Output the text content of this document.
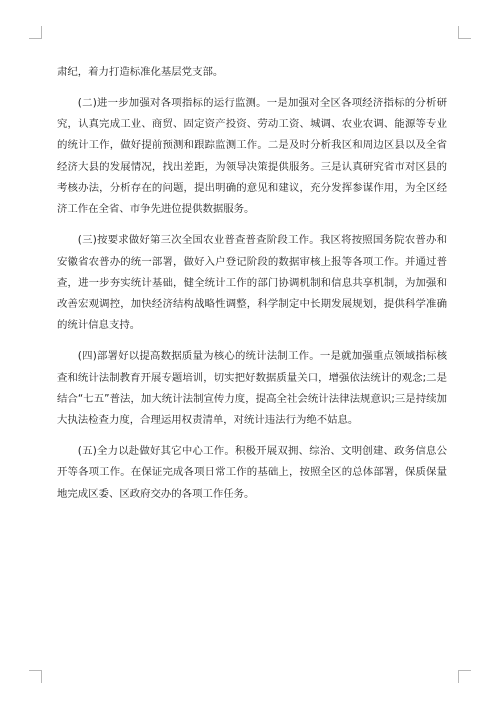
肃纪，着力打造标准化基层党支部。

(二)进一步加强对各项指标的运行监测。一是加强对全区各项经济指标的分析研究，认真完成工业、商贸、固定资产投资、劳动工资、城调、农业农调、能源等专业的统计工作，做好提前预测和跟踪监测工作。二是及时分析我区和周边区县以及全省经济大县的发展情况，找出差距，为领导决策提供服务。三是认真研究省市对区县的考核办法，分析存在的问题，提出明确的意见和建议，充分发挥参谋作用，为全区经济工作在全省、市争先进位提供数据服务。

(三)按要求做好第三次全国农业普查普查阶段工作。我区将按照国务院农普办和安徽省农普办的统一部署，做好入户登记阶段的数据审核上报等各项工作。并通过普查，进一步夯实统计基础，健全统计工作的部门协调机制和信息共享机制，为加强和改善宏观调控，加快经济结构战略性调整，科学制定中长期发展规划，提供科学准确的统计信息支持。

(四)部署好以提高数据质量为核心的统计法制工作。一是就加强重点领域指标核查和统计法制教育开展专题培训，切实把好数据质量关口，增强依法统计的观念;二是结合“七五”普法，加大统计法制宣传力度，提高全社会统计法律法规意识;三是持续加大执法检查力度，合理运用权责清单，对统计违法行为绝不姑息。

(五)全力以赴做好其它中心工作。积极开展双拥、综治、文明创建、政务信息公开等各项工作。在保证完成各项日常工作的基础上，按照全区的总体部署，保质保量地完成区委、区政府交办的各项工作任务。
